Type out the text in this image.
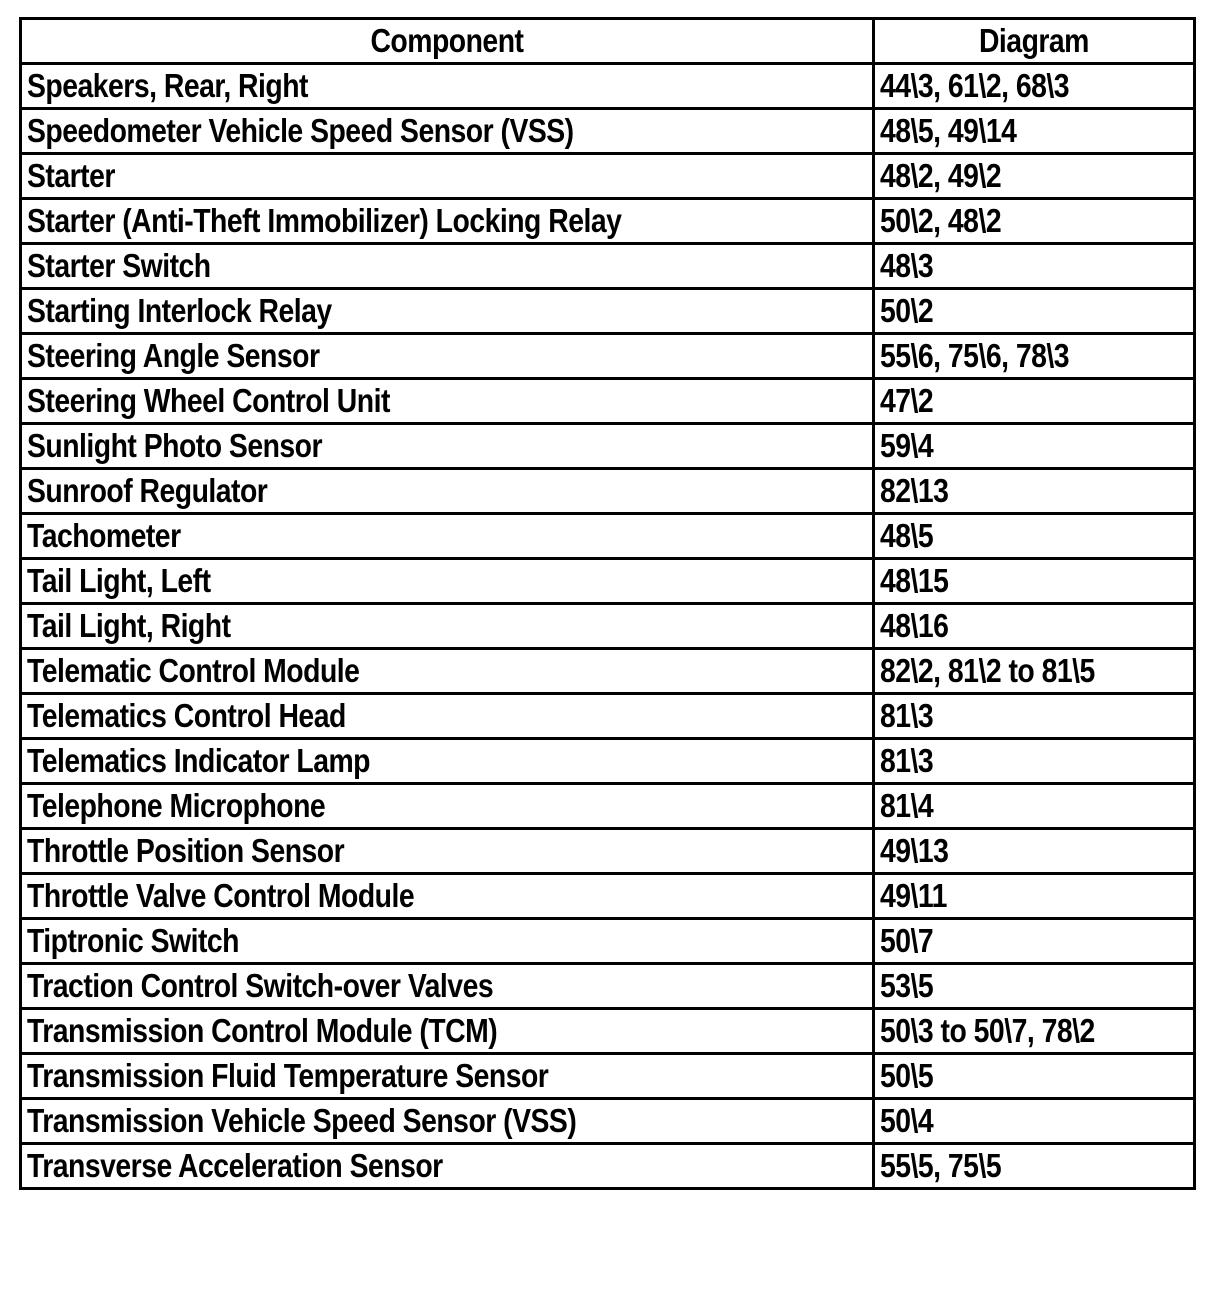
Component	Diagram
Speakers, Rear, Right	44\3, 61\2, 68\3
Speedometer Vehicle Speed Sensor (VSS)	48\5, 49\14
Starter	48\2, 49\2
Starter (Anti-Theft Immobilizer) Locking Relay	50\2, 48\2
Starter Switch	48\3
Starting Interlock Relay	50\2
Steering Angle Sensor	55\6, 75\6, 78\3
Steering Wheel Control Unit	47\2
Sunlight Photo Sensor	59\4
Sunroof Regulator	82\13
Tachometer	48\5
Tail Light, Left	48\15
Tail Light, Right	48\16
Telematic Control Module	82\2, 81\2 to 81\5
Telematics Control Head	81\3
Telematics Indicator Lamp	81\3
Telephone Microphone	81\4
Throttle Position Sensor	49\13
Throttle Valve Control Module	49\11
Tiptronic Switch	50\7
Traction Control Switch-over Valves	53\5
Transmission Control Module (TCM)	50\3 to 50\7, 78\2
Transmission Fluid Temperature Sensor	50\5
Transmission Vehicle Speed Sensor (VSS)	50\4
Transverse Acceleration Sensor	55\5, 75\5
